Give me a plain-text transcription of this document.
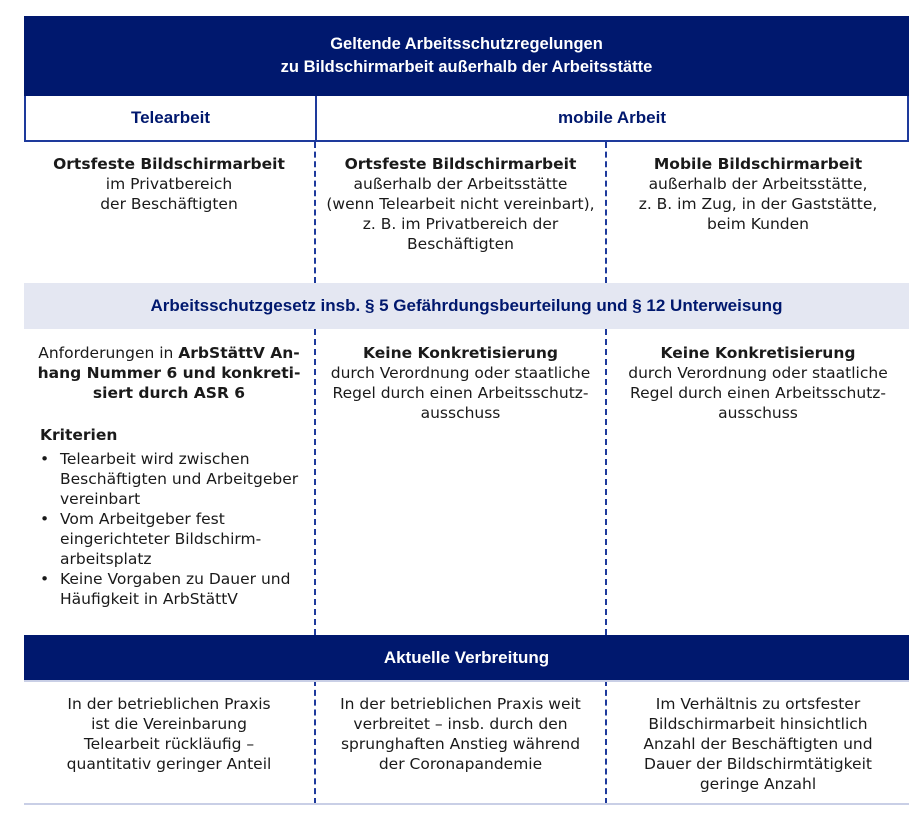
Geltende Arbeitsschutzregelungen
zu Bildschirmarbeit außerhalb der Arbeitsstätte
Telearbeit	mobile Arbeit
Ortsfeste Bildschirmarbeit
im Privatbereich
der Beschäftigten
Ortsfeste Bildschirmarbeit
außerhalb der Arbeitsstätte
(wenn Telearbeit nicht vereinbart),
z. B. im Privatbereich der
Beschäftigten
Mobile Bildschirmarbeit
außerhalb der Arbeitsstätte,
z. B. im Zug, in der Gaststätte,
beim Kunden
Arbeitsschutzgesetz insb. § 5 Gefährdungsbeurteilung und § 12 Unterweisung
Anforderungen in ArbStättV An-
hang Nummer 6 und konkreti-
siert durch ASR 6
Kriterien
• Telearbeit wird zwischen
Beschäftigten und Arbeitgeber
vereinbart
• Vom Arbeitgeber fest
eingerichteter Bildschirm-
arbeitsplatz
• Keine Vorgaben zu Dauer und
Häufigkeit in ArbStättV
Keine Konkretisierung
durch Verordnung oder staatliche
Regel durch einen Arbeitsschutz-
ausschuss
Keine Konkretisierung
durch Verordnung oder staatliche
Regel durch einen Arbeitsschutz-
ausschuss
Aktuelle Verbreitung
In der betrieblichen Praxis
ist die Vereinbarung
Telearbeit rückläufig –
quantitativ geringer Anteil
In der betrieblichen Praxis weit
verbreitet – insb. durch den
sprunghaften Anstieg während
der Coronapandemie
Im Verhältnis zu ortsfester
Bildschirmarbeit hinsichtlich
Anzahl der Beschäftigten und
Dauer der Bildschirmtätigkeit
geringe Anzahl
